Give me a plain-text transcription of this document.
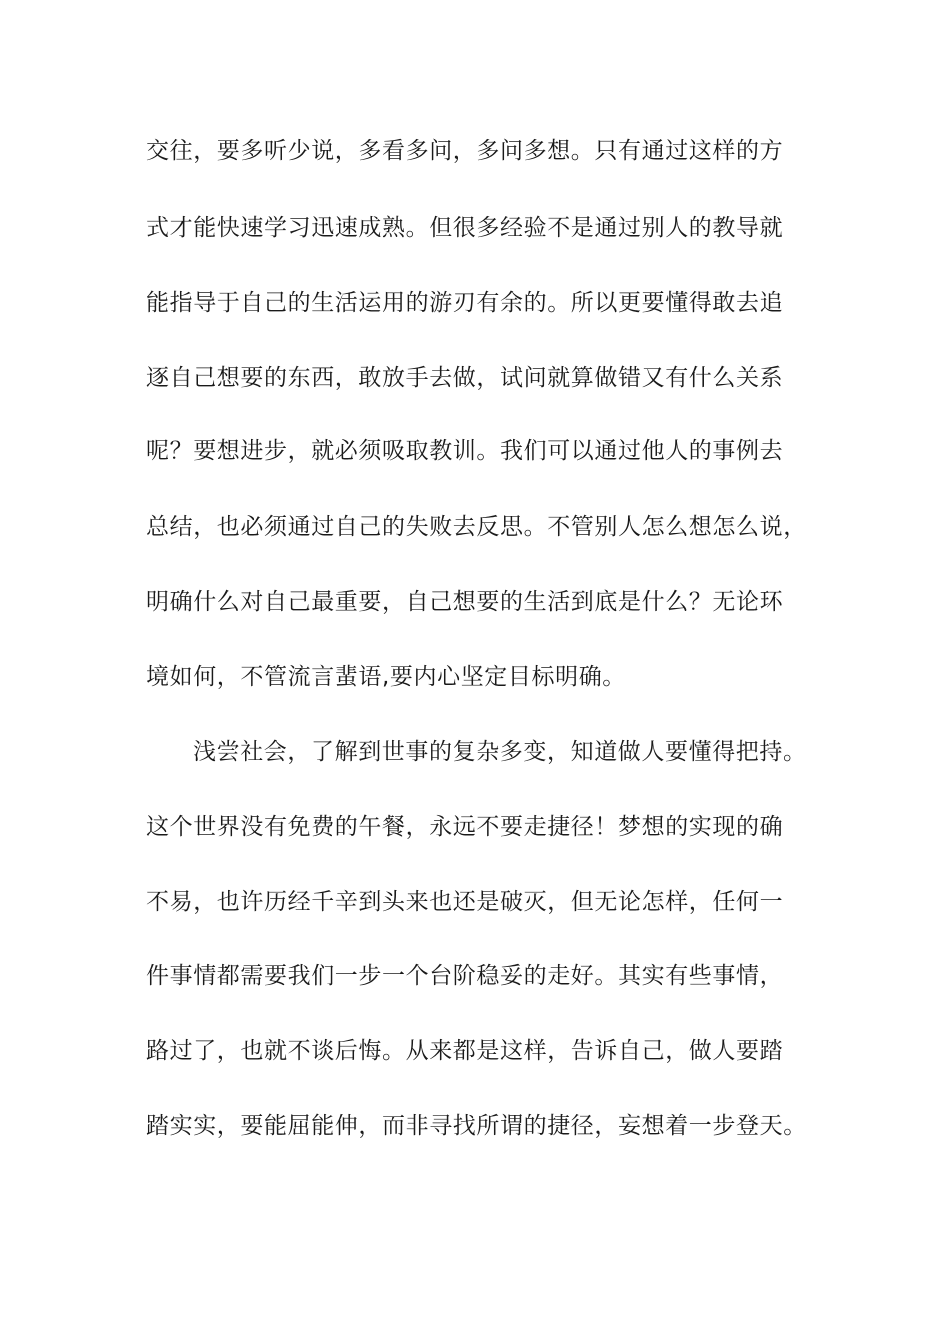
交往，要多听少说，多看多问，多问多想。只有通过这样的方
式才能快速学习迅速成熟。但很多经验不是通过别人的教导就
能指导于自己的生活运用的游刃有余的。所以更要懂得敢去追
逐自己想要的东西，敢放手去做，试问就算做错又有什么关系
呢？要想进步，就必须吸取教训。我们可以通过他人的事例去
总结，也必须通过自己的失败去反思。不管别人怎么想怎么说，
明确什么对自己最重要，自己想要的生活到底是什么？无论环
境如何，不管流言蜚语,要内心坚定目标明确。
浅尝社会，了解到世事的复杂多变，知道做人要懂得把持。
这个世界没有免费的午餐，永远不要走捷径！梦想的实现的确
不易，也许历经千辛到头来也还是破灭，但无论怎样，任何一
件事情都需要我们一步一个台阶稳妥的走好。其实有些事情，
路过了，也就不谈后悔。从来都是这样，告诉自己，做人要踏
踏实实，要能屈能伸，而非寻找所谓的捷径，妄想着一步登天。
